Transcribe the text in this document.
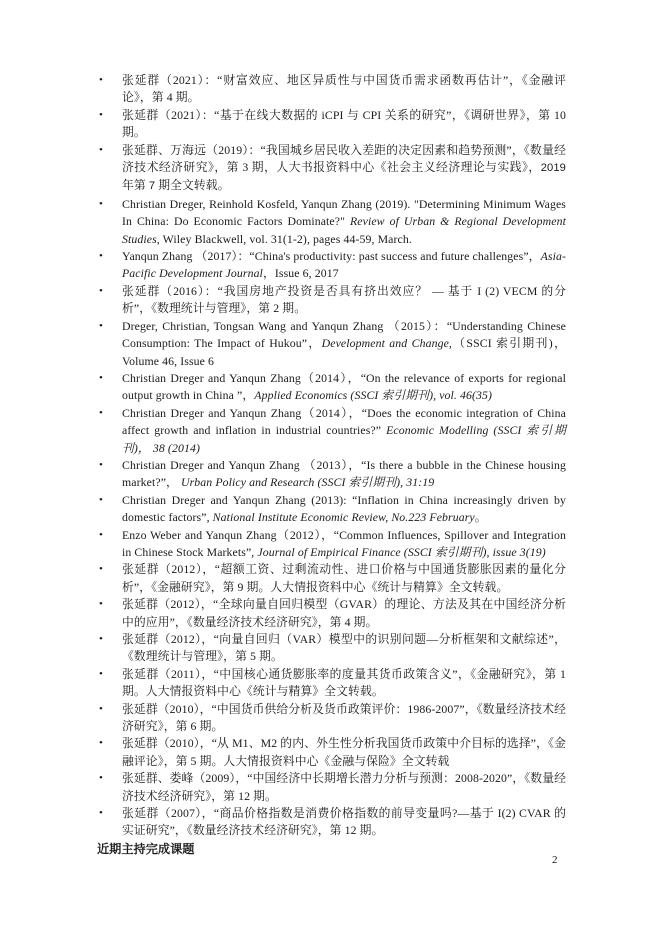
• 张延群（2021）：“财富效应、地区异质性与中国货币需求函数再估计”，《金融评论》，第 4 期。
• 张延群（2021）：“基于在线大数据的 iCPI 与 CPI 关系的研究”，《调研世界》，第 10 期。
• 张延群、万海远（2019）：“我国城乡居民收入差距的决定因素和趋势预测”，《数量经济技术经济研究》，第 3 期，人大书报资料中心《社会主义经济理论与实践》，2019 年第 7 期全文转载。
• Christian Dreger, Reinhold Kosfeld, Yanqun Zhang (2019). "Determining Minimum Wages In China: Do Economic Factors Dominate?" Review of Urban & Regional Development Studies, Wiley Blackwell, vol. 31(1-2), pages 44-59, March.
• Yanqun Zhang （2017）：“China's productivity: past success and future challenges”，Asia-Pacific Development Journal，Issue 6, 2017
• 张延群（2016）：“我国房地产投资是否具有挤出效应？ — 基于 I (2) VECM 的分析”，《数理统计与管理》，第 2 期。
• Dreger, Christian, Tongsan Wang and Yanqun Zhang （2015）：“Understanding Chinese Consumption: The Impact of Hukou”，Development and Change,（SSCI 索引期刊)，Volume 46, Issue 6
• Christian Dreger and Yanqun Zhang（2014），“On the relevance of exports for regional output growth in China ”，Applied Economics (SSCI 索引期刊), vol. 46(35)
• Christian Dreger and Yanqun Zhang（2014），“Does the economic integration of China affect growth and inflation in industrial countries?” Economic Modelling (SSCI 索引期刊)， 38 (2014)
• Christian Dreger and Yanqun Zhang （2013），“Is there a bubble in the Chinese housing market?”， Urban Policy and Research (SSCI 索引期刊), 31:19
• Christian Dreger and Yanqun Zhang (2013): “Inflation in China increasingly driven by domestic factors”, National Institute Economic Review, No.223 February。
• Enzo Weber and Yanqun Zhang（2012），“Common Influences, Spillover and Integration in Chinese Stock Markets”, Journal of Empirical Finance (SSCI 索引期刊), issue 3(19)
• 张延群（2012），“超额工资、过剩流动性、进口价格与中国通货膨胀因素的量化分析”，《金融研究》，第 9 期。人大情报资料中心《统计与精算》全文转载。
• 张延群（2012），“全球向量自回归模型（GVAR）的理论、方法及其在中国经济分析中的应用”，《数量经济技术经济研究》，第 4 期。
• 张延群（2012），“向量自回归（VAR）模型中的识别问题—分析框架和文献综述”，《数理统计与管理》，第 5 期。
• 张延群（2011），“中国核心通货膨胀率的度量其货币政策含义”，《金融研究》，第 1 期。人大情报资料中心《统计与精算》全文转载。
• 张延群（2010），“中国货币供给分析及货币政策评价：1986-2007”，《数量经济技术经济研究》，第 6 期。
• 张延群（2010），“从 M1、M2 的内、外生性分析我国货币政策中介目标的选择”，《金融评论》，第 5 期。人大情报资料中心《金融与保险》全文转载
• 张延群、娄峰（2009），“中国经济中长期增长潜力分析与预测：2008-2020”，《数量经济技术经济研究》，第 12 期。
• 张延群（2007），“商品价格指数是消费价格指数的前导变量吗?—基于 I(2) CVAR 的实证研究”，《数量经济技术经济研究》，第 12 期。
近期主持完成课题
2
